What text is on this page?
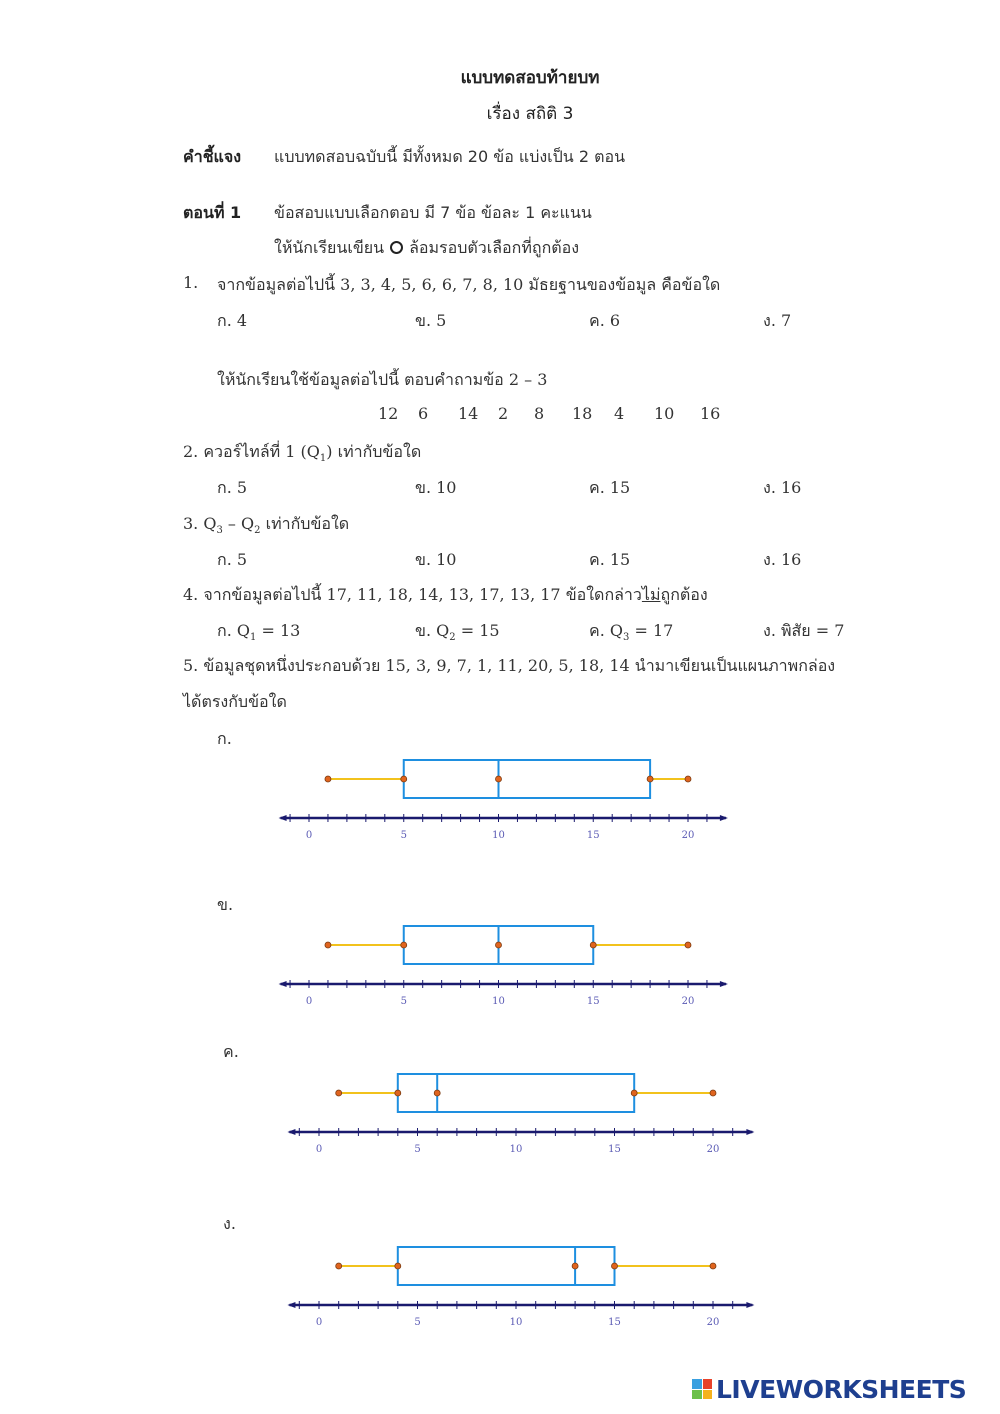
แบบทดสอบท้ายบท
เรื่อง สถิติ 3
คำชี้แจง แบบทดสอบฉบับนี้ มีทั้งหมด 20 ข้อ แบ่งเป็น 2 ตอน
ตอนที่ 1 ข้อสอบแบบเลือกตอบ มี 7 ข้อ ข้อละ 1 คะแนน
ให้นักเรียนเขียน ล้อมรอบตัวเลือกที่ถูกต้อง
1. จากข้อมูลต่อไปนี้ 3, 3, 4, 5, 6, 6, 7, 8, 10 มัธยฐานของข้อมูล คือข้อใด
ก. 4	ข. 5	ค. 6	ง. 7
ให้นักเรียนใช้ข้อมูลต่อไปนี้ ตอบคำถามข้อ 2 – 3
12	6	14	2	8	18	4	10	16
2. ควอร์ไทล์ที่ 1 $(Q_1)$ เท่ากับข้อใด
ก. 5	ข. 10	ค. 15	ง. 16
3. $Q_3 - Q_2$ เท่ากับข้อใด
ก. 5	ข. 10	ค. 15	ง. 16
4. จากข้อมูลต่อไปนี้ 17, 11, 18, 14, 13, 17, 13, 17 ข้อใดกล่าวไม่ถูกต้อง
ก. $Q_1 = 13$	ข. $Q_2 = 15$	ค. $Q_3 = 17$	ง. พิสัย = 7
5. ข้อมูลชุดหนึ่งประกอบด้วย 15, 3, 9, 7, 1, 11, 20, 5, 18, 14 นำมาเขียนเป็นแผนภาพกล่อง
ได้ตรงกับข้อใด
ก.
ข.
ค.
ง.
0	5	10	15	20
0	5	10	15	20
0	5	10	15	20
0	5	10	15	20
LIVEWORKSHEETS
